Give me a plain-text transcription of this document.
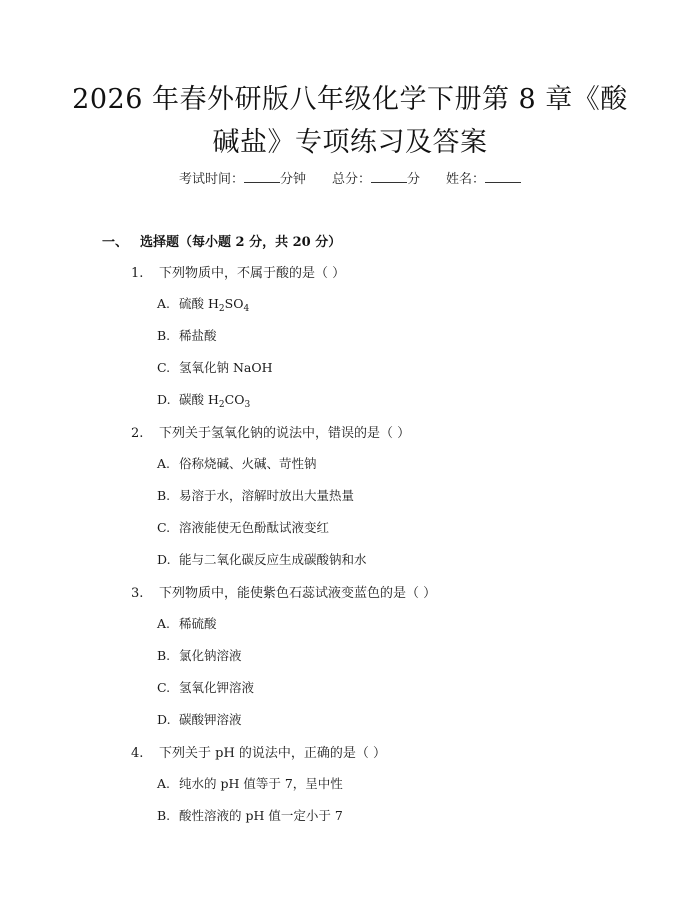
2026 年春外研版八年级化学下册第 8 章《酸
碱盐》专项练习及答案
考试时间：	分钟 总分：	分 姓名：
一、 选择题（每小题 2 分，共 20 分）
1. 下列物质中，不属于酸的是（ ）
A. 硫酸 $H_2SO_4$
B. 稀盐酸
C. 氢氧化钠 NaOH
D. 碳酸 $H_2CO_3$
2. 下列关于氢氧化钠的说法中，错误的是（ ）
A. 俗称烧碱、火碱、苛性钠
B. 易溶于水，溶解时放出大量热量
C. 溶液能使无色酚酞试液变红
D. 能与二氧化碳反应生成碳酸钠和水
3. 下列物质中，能使紫色石蕊试液变蓝色的是（ ）
A. 稀硫酸
B. 氯化钠溶液
C. 氢氧化钾溶液
D. 碳酸钾溶液
4. 下列关于 pH 的说法中，正确的是（ ）
A. 纯水的 pH 值等于 7，呈中性
B. 酸性溶液的 pH 值一定小于 7
